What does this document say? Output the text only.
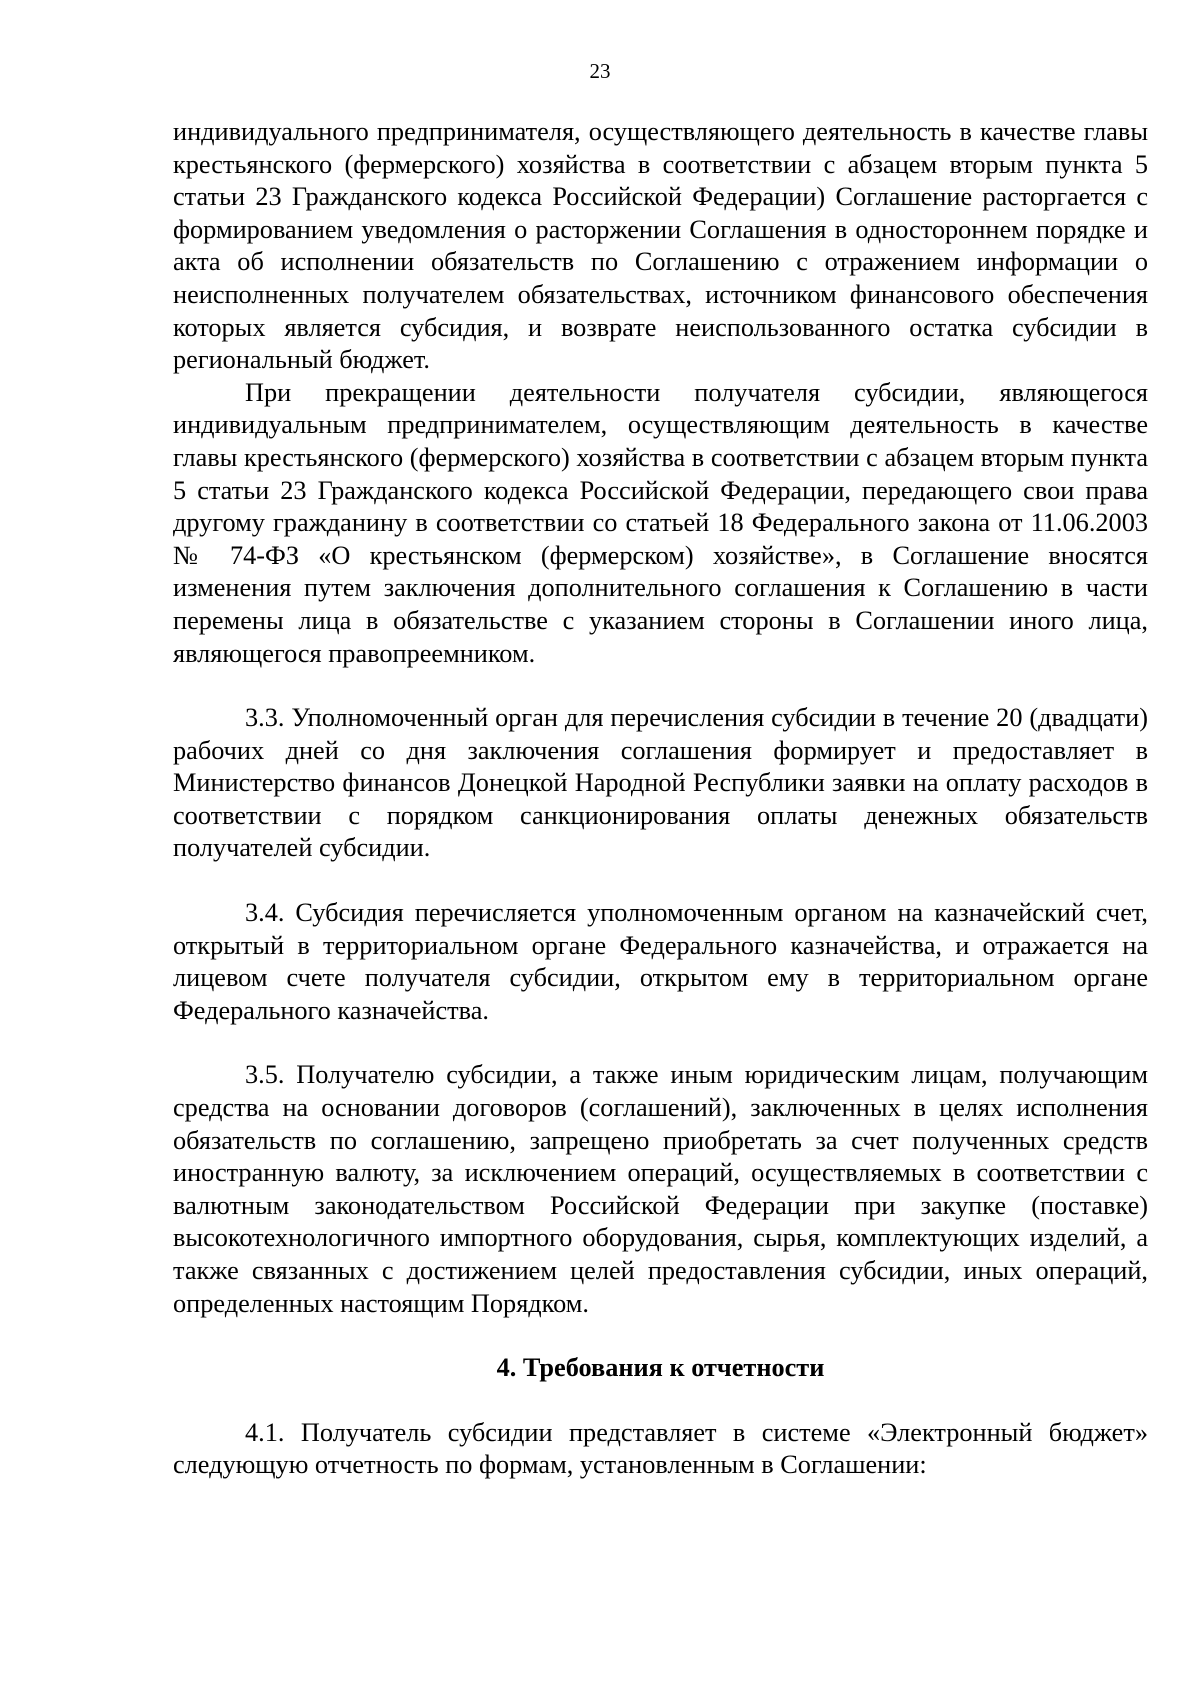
23

индивидуального предпринимателя, осуществляющего деятельность в качестве главы крестьянского (фермерского) хозяйства в соответствии с абзацем вторым пункта 5 статьи 23 Гражданского кодекса Российской Федерации) Соглашение расторгается с формированием уведомления о расторжении Соглашения в одностороннем порядке и акта об исполнении обязательств по Соглашению с отражением информации о неисполненных получателем обязательствах, источником финансового обеспечения которых является субсидия, и возврате неиспользованного остатка субсидии в региональный бюджет.

При прекращении деятельности получателя субсидии, являющегося индивидуальным предпринимателем, осуществляющим деятельность в качестве главы крестьянского (фермерского) хозяйства в соответствии с абзацем вторым пункта 5 статьи 23 Гражданского кодекса Российской Федерации, передающего свои права другому гражданину в соответствии со статьей 18 Федерального закона от 11.06.2003 № 74-ФЗ «О крестьянском (фермерском) хозяйстве», в Соглашение вносятся изменения путем заключения дополнительного соглашения к Соглашению в части перемены лица в обязательстве с указанием стороны в Соглашении иного лица, являющегося правопреемником.

3.3. Уполномоченный орган для перечисления субсидии в течение 20 (двадцати) рабочих дней со дня заключения соглашения формирует и предоставляет в Министерство финансов Донецкой Народной Республики заявки на оплату расходов в соответствии с порядком санкционирования оплаты денежных обязательств получателей субсидии.

3.4. Субсидия перечисляется уполномоченным органом на казначейский счет, открытый в территориальном органе Федерального казначейства, и отражается на лицевом счете получателя субсидии, открытом ему в территориальном органе Федерального казначейства.

3.5. Получателю субсидии, а также иным юридическим лицам, получающим средства на основании договоров (соглашений), заключенных в целях исполнения обязательств по соглашению, запрещено приобретать за счет полученных средств иностранную валюту, за исключением операций, осуществляемых в соответствии с валютным законодательством Российской Федерации при закупке (поставке) высокотехнологичного импортного оборудования, сырья, комплектующих изделий, а также связанных с достижением целей предоставления субсидии, иных операций, определенных настоящим Порядком.

4. Требования к отчетности

4.1. Получатель субсидии представляет в системе «Электронный бюджет» следующую отчетность по формам, установленным в Соглашении:
